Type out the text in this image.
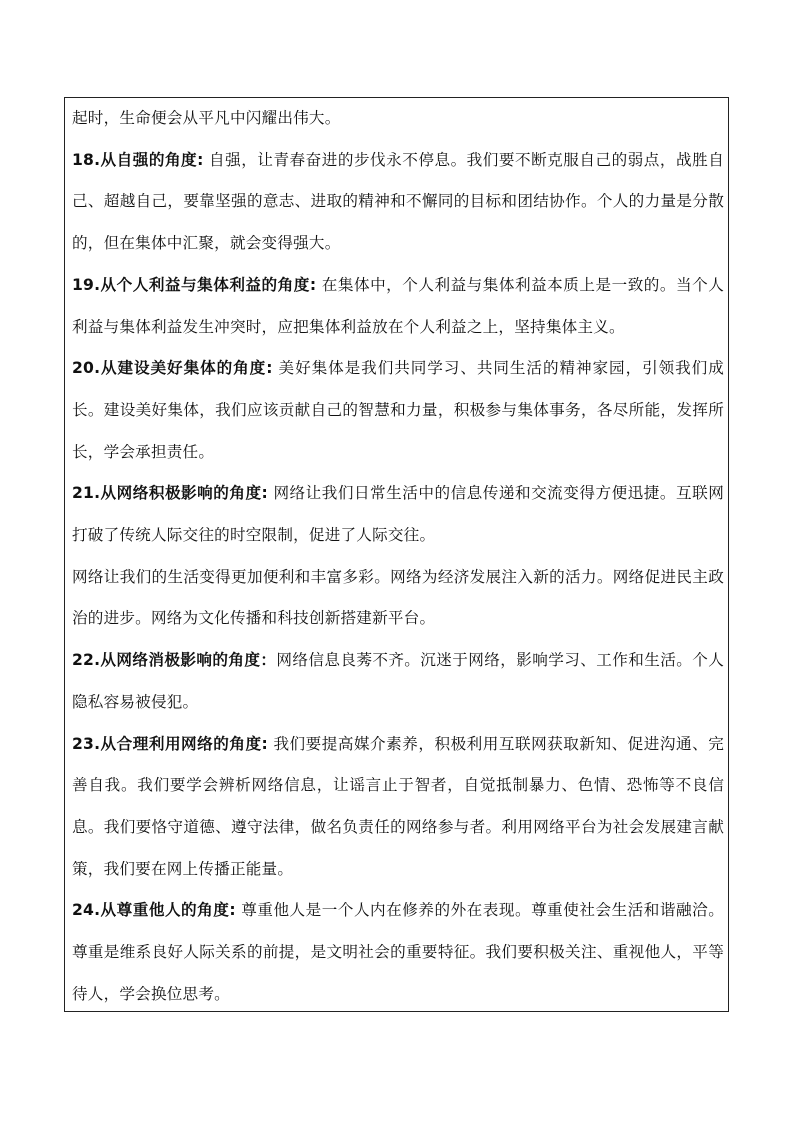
起时，生命便会从平凡中闪耀出伟大。

18.从自强的角度: 自强，让青春奋进的步伐永不停息。我们要不断克服自己的弱点，战胜自己、超越自己，要靠坚强的意志、进取的精神和不懈同的目标和团结协作。个人的力量是分散的，但在集体中汇聚，就会变得强大。

19.从个人利益与集体利益的角度: 在集体中，个人利益与集体利益本质上是一致的。当个人利益与集体利益发生冲突时，应把集体利益放在个人利益之上，坚持集体主义。

20.从建设美好集体的角度: 美好集体是我们共同学习、共同生活的精神家园，引领我们成长。建设美好集体，我们应该贡献自己的智慧和力量，积极参与集体事务，各尽所能，发挥所长，学会承担责任。

21.从网络积极影响的角度: 网络让我们日常生活中的信息传递和交流变得方便迅捷。互联网打破了传统人际交往的时空限制，促进了人际交往。

网络让我们的生活变得更加便利和丰富多彩。网络为经济发展注入新的活力。网络促进民主政治的进步。网络为文化传播和科技创新搭建新平台。

22.从网络消极影响的角度：网络信息良莠不齐。沉迷于网络，影响学习、工作和生活。个人隐私容易被侵犯。

23.从合理利用网络的角度: 我们要提高媒介素养，积极利用互联网获取新知、促进沟通、完善自我。我们要学会辨析网络信息，让谣言止于智者，自觉抵制暴力、色情、恐怖等不良信息。我们要恪守道德、遵守法律，做名负责任的网络参与者。利用网络平台为社会发展建言献策，我们要在网上传播正能量。

24.从尊重他人的角度: 尊重他人是一个人内在修养的外在表现。尊重使社会生活和谐融洽。尊重是维系良好人际关系的前提，是文明社会的重要特征。我们要积极关注、重视他人，平等待人，学会换位思考。
